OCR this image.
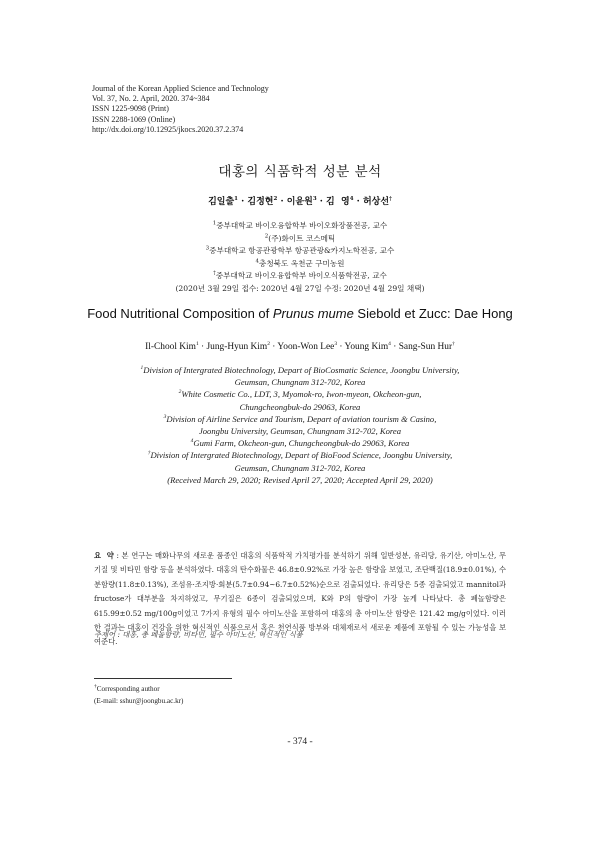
Journal of the Korean Applied Science and Technology
Vol. 37, No. 2. April, 2020. 374~384
ISSN 1225-9098 (Print)
ISSN 2288-1069 (Online)
http://dx.doi.org/10.12925/jkocs.2020.37.2.374
대홍의 식품학적 성분 분석
김일출$^1$ · 김정현$^2$ · 이윤원$^3$ · 김  영$^4$ · 허상선†
$^1$중부대학교 바이오융합학부 바이오화장품전공, 교수
$^2$(주)화이트 코스메틱
$^3$중부대학교 항공관광학부 항공관광&카지노학전공, 교수
$^4$충청북도 옥천군 구미농원
†중부대학교 바이오융합학부 바이오식품학전공, 교수
(2020년 3월 29일 접수: 2020년 4월 27일 수정: 2020년 4월 29일 채택)
Food Nutritional Composition of Prunus mume Siebold et Zucc: Dae Hong
Il-Chool Kim$^1$ · Jung-Hyun Kim$^2$ · Yoon-Won Lee$^3$ · Young Kim$^4$ · Sang-Sun Hur†
$^1$Division of Intergrated Biotechnology, Depart of BioCosmatic Science, Joongbu University,
Geumsan, Chungnam 312-702, Korea
$^2$White Cosmetic Co., LDT, 3, Myomok-ro, Iwon-myeon, Okcheon-gun,
Chungcheongbuk-do 29063, Korea
$^3$Division of Airline Service and Tourism, Depart of aviation tourism & Casino,
Joongbu University, Geumsan, Chungnam 312-702, Korea
$^4$Gumi Farm, Okcheon-gun, Chungcheongbuk-do 29063, Korea
†Division of Intergrated Biotechnology, Depart of BioFood Science, Joongbu University,
Geumsan, Chungnam 312-702, Korea
(Received March 29, 2020; Revised April 27, 2020; Accepted April 29, 2020)
요  약 : 본 연구는 매화나무의 새로운 품종인 대홍의 식품학적 가치평가를 분석하기 위해 일반성분, 유리당, 유기산, 아미노산, 무기질 및 비타민 함량 등을 분석하였다. 대홍의 탄수화물은 46.8±0.92%로 가장 높은 함량을 보였고, 조단백질(18.9±0.01%), 수분함량(11.8±0.13%), 조섬유·조지방·회분(5.7±0.94~6.7±0.52%)순으로 검출되었다. 유리당은 5종 검출되었고 mannitol과 fructose가 대부분을 차지하였고, 무기질은 6종이 검출되었으며, K와 P의 함량이 가장 높게 나타났다. 총 폐놀함량은 615.99±0.52 mg/100g이었고 7가지 유형의 필수 아미노산을 포함하여 대홍의 총 아미노산 함량은 121.42 mg/g이었다. 이러한 결과는 대홍이 건강을 위한 혁신적인 식품으로서 혹은 천연식품 방부와 대체재로서 새로운 제품에 포함될 수 있는 가능성을 보여준다.
주제어 : 대홍, 총 페놀함량, 비타민, 필수 아미노산, 혁신적인 식품
†Corresponding author
(E-mail: sshur@joongbu.ac.kr)
- 374 -
